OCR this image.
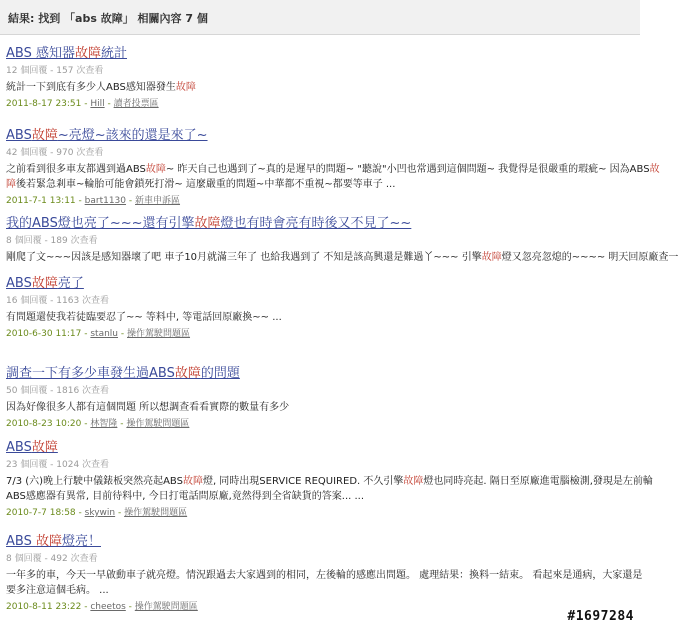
結果: 找到 「abs 故障」 相關內容 7 個
ABS 感知器故障統計
12 個回覆 - 157 次查看
統計一下到底有多少人ABS感知器發生故障
2011-8-17 23:51 - Hill - 讀者投票區
ABS故障~亮燈~該來的還是來了~
42 個回覆 - 970 次查看
之前看到很多車友都遇到過ABS故障~ 昨天自己也遇到了~真的是遲早的問題~ "聽說"小凹也常遇到這個問題~ 我覺得是很嚴重的瑕疵~ 因為ABS故
障後若緊急剎車~輪胎可能會鎖死打滑~ 這麼嚴重的問題~中華都不重視~都要等車子 ...
2011-7-1 13:11 - bart1130 - 新車申訴區
我的ABS燈也亮了~~~還有引擎故障燈也有時會亮有時後又不見了~~
8 個回覆 - 189 次查看
剛爬了文~~~因該是感知器壞了吧 車子10月就滿三年了 也給我遇到了 不知是該高興還是難過丫~~~ 引擎故障燈又忽亮忽熄的~~~~ 明天回原廠查一
ABS故障亮了
16 個回覆 - 1163 次查看
有問題還使我若徒臨要忍了~~ 等料中, 等電話回原廠換~~ ...
2010-6-30 11:17 - stanlu - 操作駕駛問題區
調查一下有多少車發生過ABS故障的問題
50 個回覆 - 1816 次查看
因為好像很多人都有這個問題 所以想調查看看實際的數量有多少
2010-8-23 10:20 - 林智隆 - 操作駕駛問題區
ABS故障
23 個回覆 - 1024 次查看
7/3 (六)晚上行駛中儀錶板突然亮起ABS故障燈, 同時出現SERVICE REQUIRED. 不久引擎故障燈也同時亮起. 隔日至原廠進電腦檢測,發現是左前輪
ABS感應器有異常, 目前待料中, 今日打電話問原廠,竟然得到全省缺貨的答案... ...
2010-7-7 18:58 - skywin - 操作駕駛問題區
ABS 故障燈亮！
8 個回覆 - 492 次查看
一年多的車，今天一早啟動車子就亮燈。情況跟過去大家遇到的相同，左後輪的感應出問題。 處理結果：換料一結束。 看起來是通病，大家還是
要多注意這個毛病。 ...
2010-8-11 23:22 - cheetos - 操作駕駛問題區
#1697284
